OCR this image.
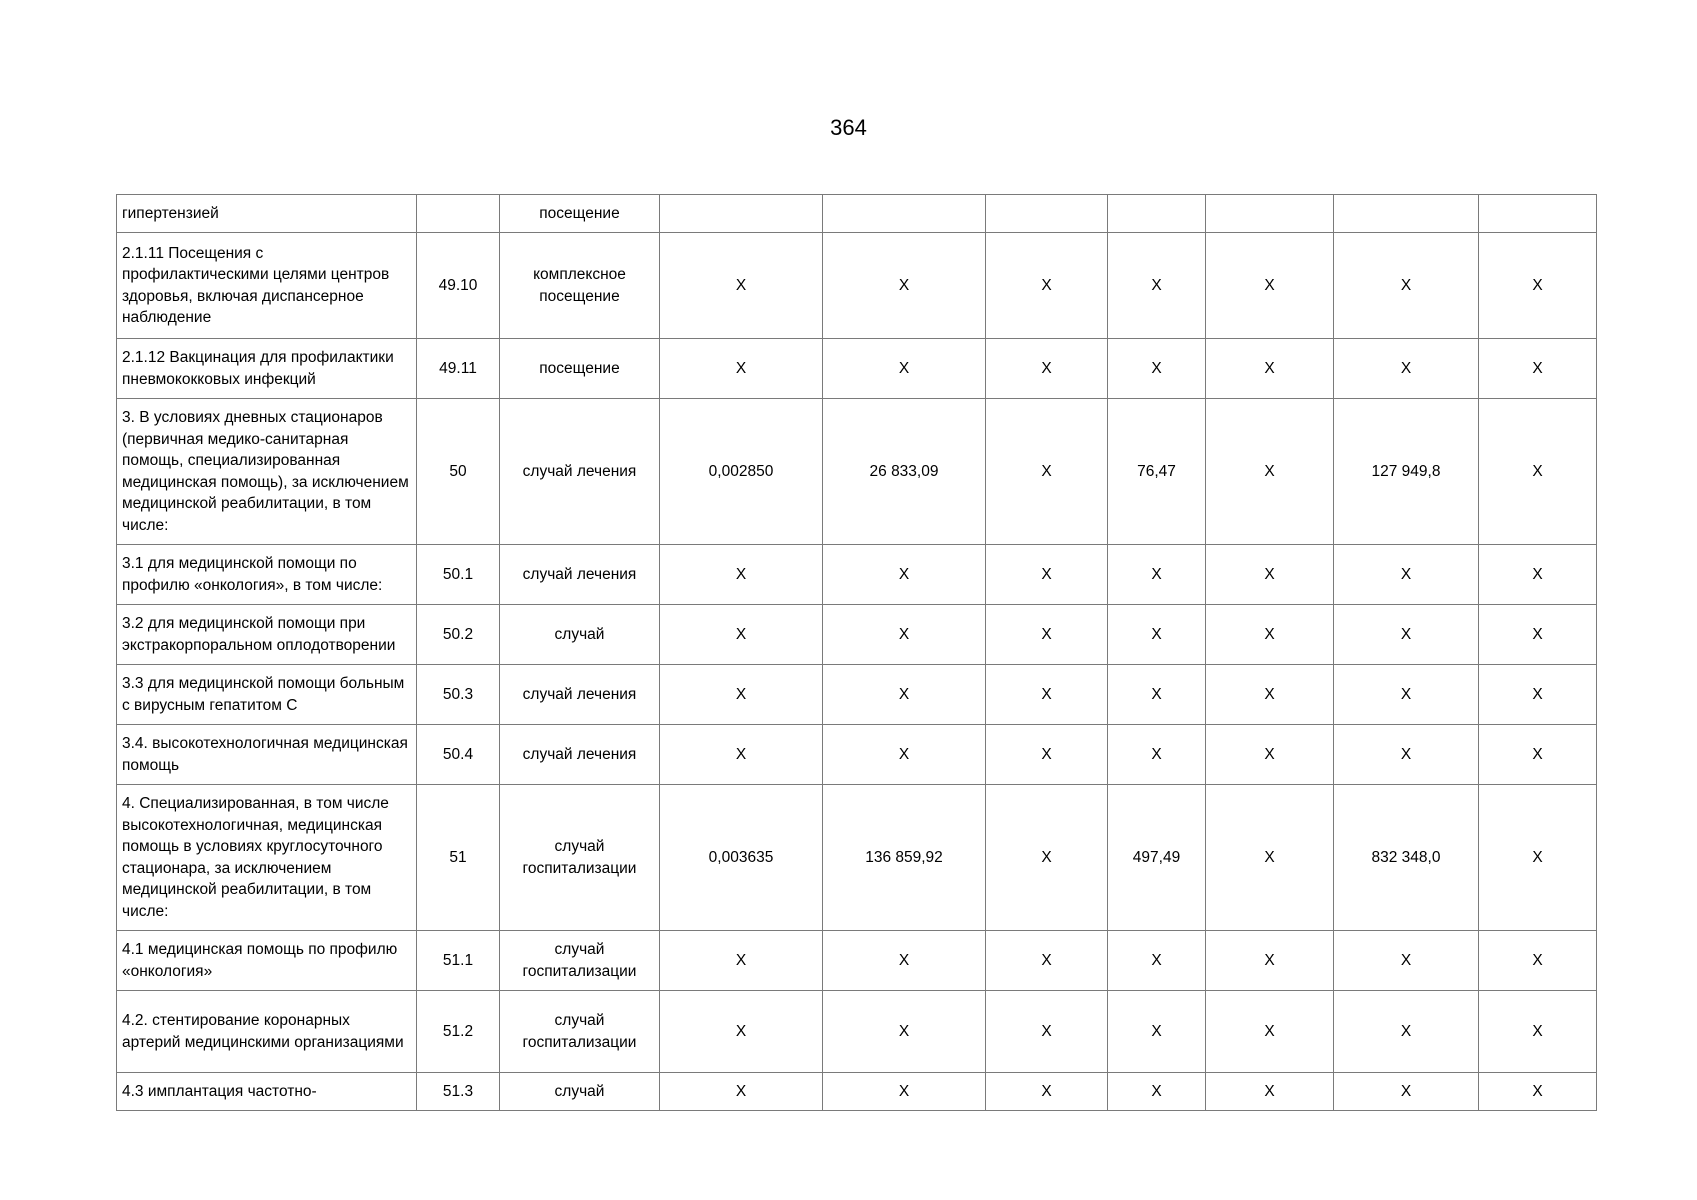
364
гипертензией		посещение							
2.1.11 Посещения с профилактическими целями центров здоровья, включая диспансерное наблюдение	49.10	комплексное посещение	X	X	X	X	X	X	X
2.1.12 Вакцинация для профилактики пневмококковых инфекций	49.11	посещение	X	X	X	X	X	X	X
3. В условиях дневных стационаров (первичная медико-санитарная помощь, специализированная медицинская помощь), за исключением медицинской реабилитации, в том числе:	50	случай лечения	0,002850	26 833,09	X	76,47	X	127 949,8	X
3.1 для медицинской помощи по профилю «онкология», в том числе:	50.1	случай лечения	X	X	X	X	X	X	X
3.2 для медицинской помощи при экстракорпоральном оплодотворении	50.2	случай	X	X	X	X	X	X	X
3.3 для медицинской помощи больным с вирусным гепатитом С	50.3	случай лечения	X	X	X	X	X	X	X
3.4. высокотехнологичная медицинская помощь	50.4	случай лечения	X	X	X	X	X	X	X
4. Специализированная, в том числе высокотехнологичная, медицинская помощь в условиях круглосуточного стационара, за исключением медицинской реабилитации, в том числе:	51	случай госпитализации	0,003635	136 859,92	X	497,49	X	832 348,0	X
4.1 медицинская помощь по профилю «онкология»	51.1	случай госпитализации	X	X	X	X	X	X	X
4.2. стентирование коронарных артерий медицинскими организациями	51.2	случай госпитализации	X	X	X	X	X	X	X
4.3 имплантация частотно-	51.3	случай	X	X	X	X	X	X	X
